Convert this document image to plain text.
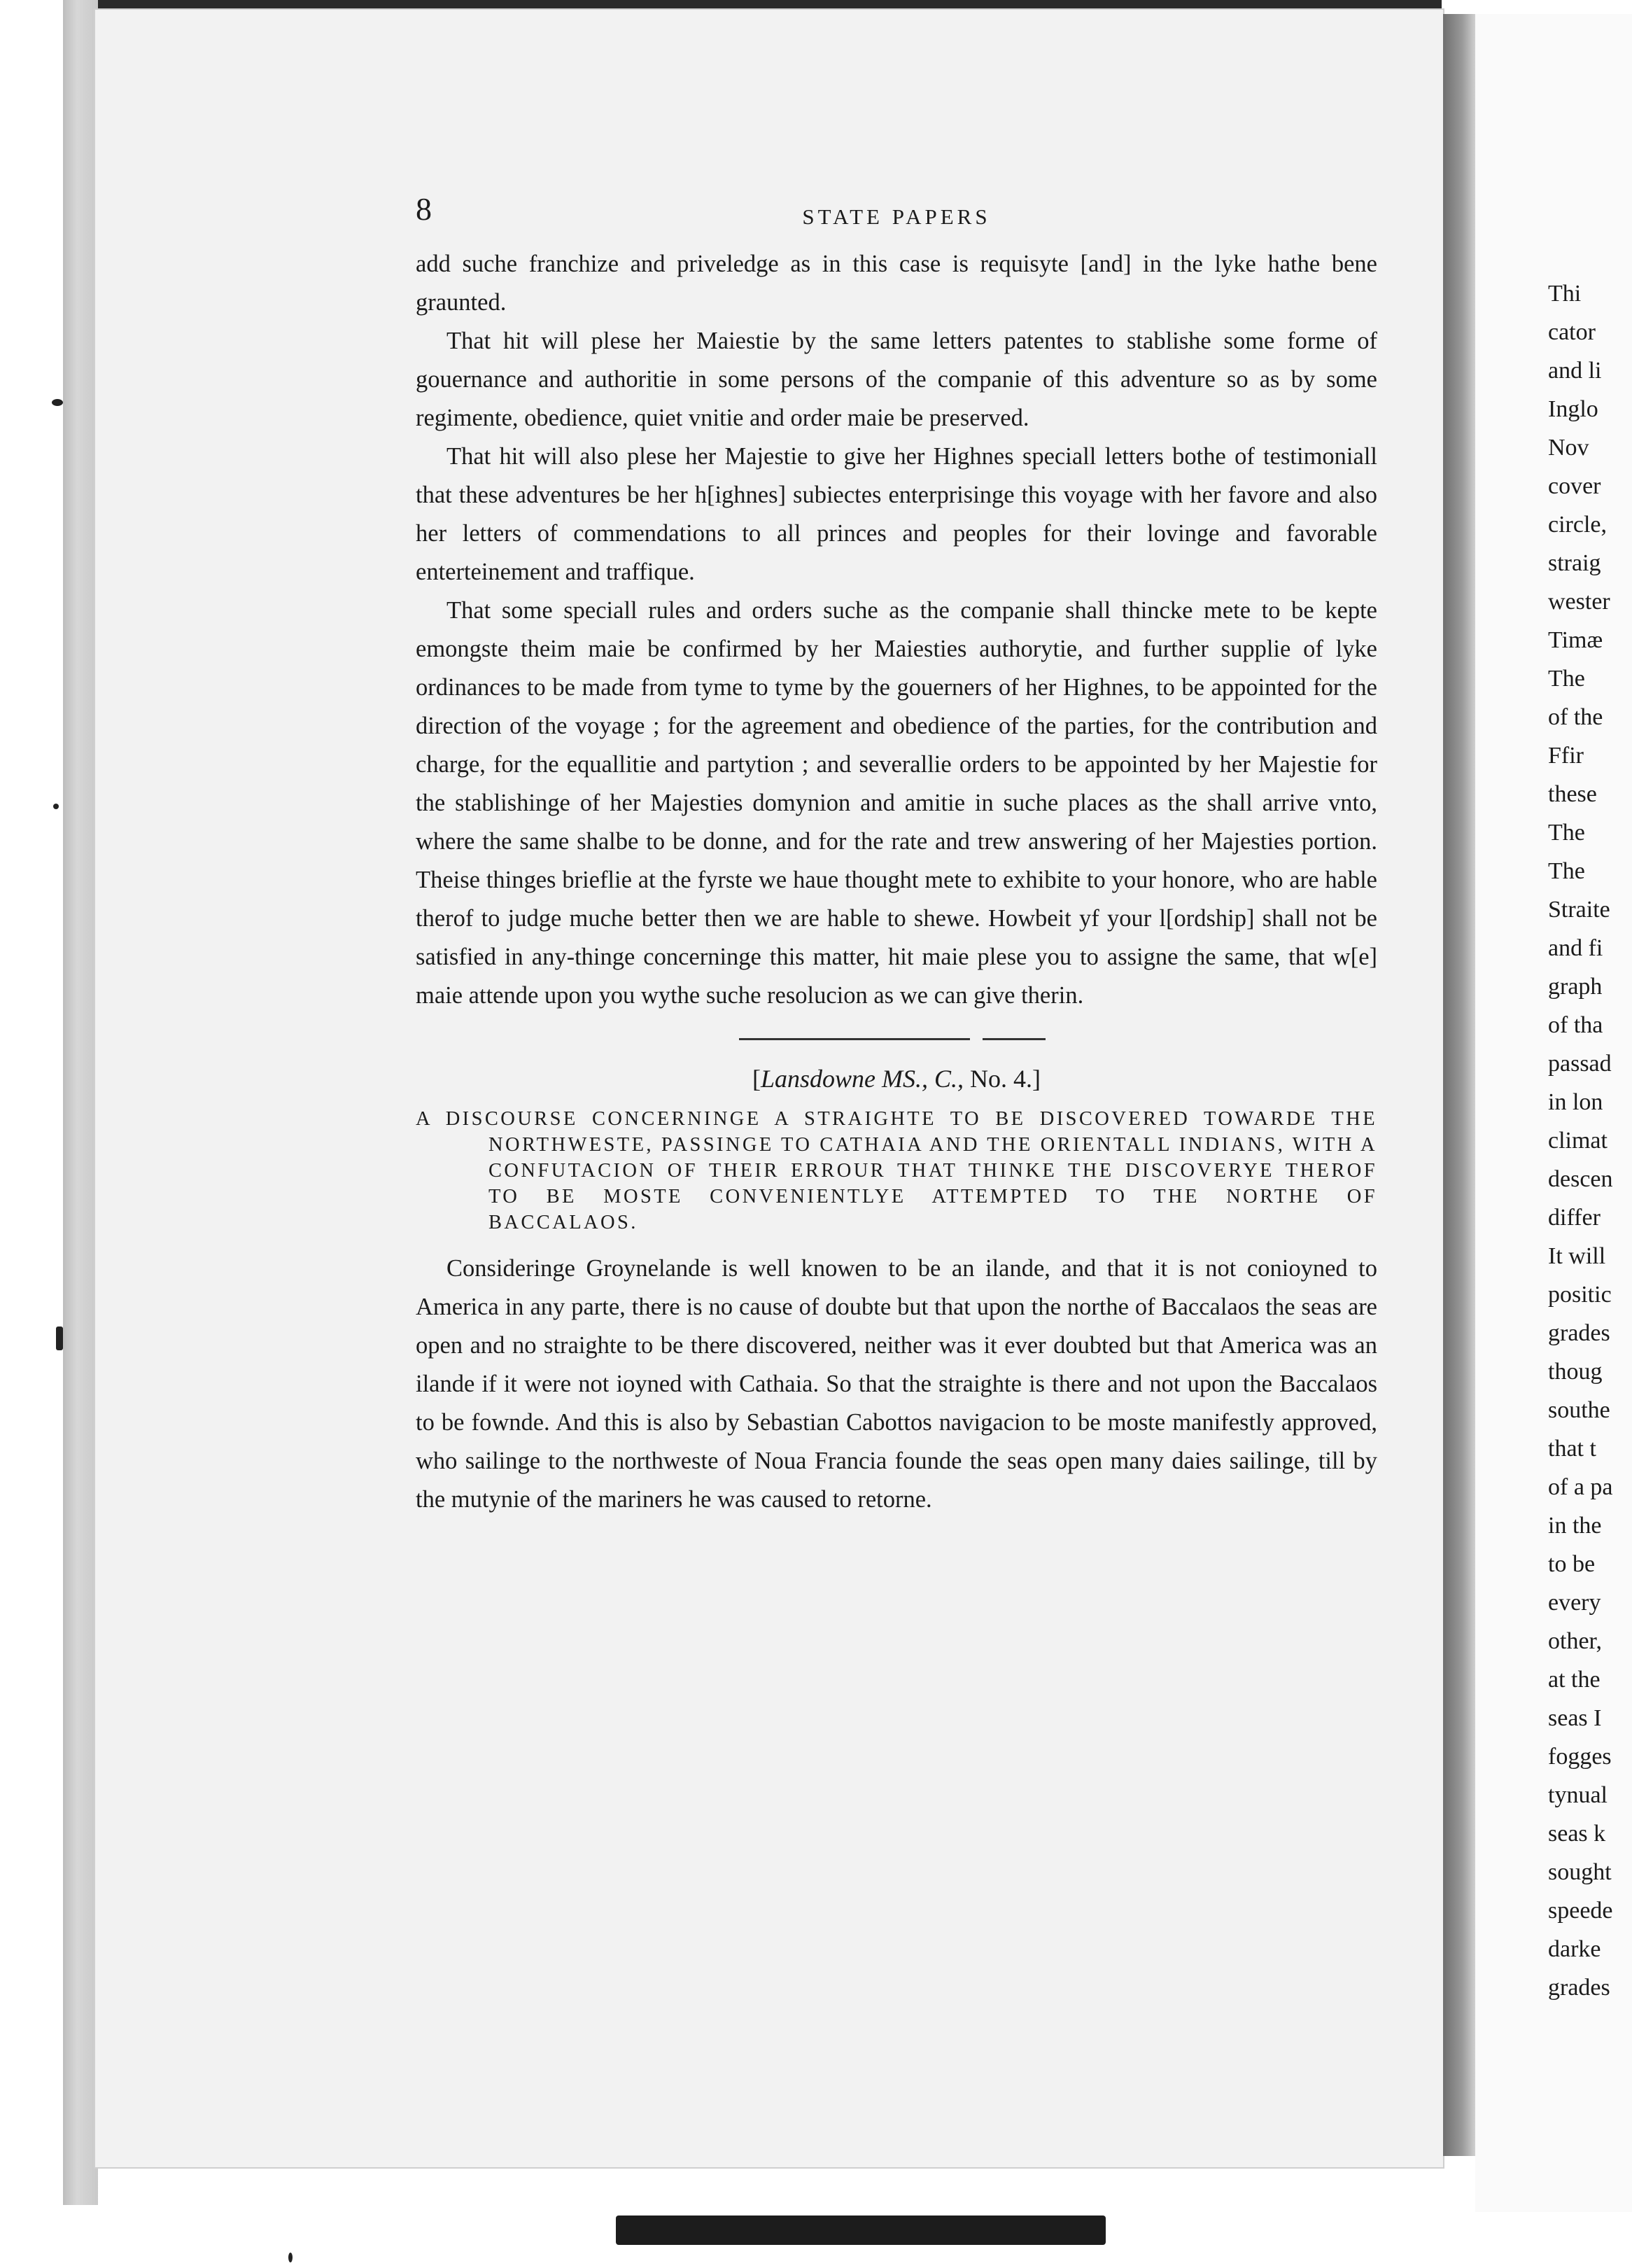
8	STATE PAPERS

add suche franchize and priveledge as in this case is requisyte [and] in the lyke hathe bene graunted.

That hit will plese her Maiestie by the same letters patentes to stablishe some forme of gouernance and authoritie in some persons of the companie of this adventure so as by some regimente, obedience, quiet vnitie and order maie be preserved.

That hit will also plese her Majestie to give her Highnes speciall letters bothe of testimoniall that these adventures be her h[ighnes] subiectes enterprisinge this voyage with her favore and also her letters of commendations to all princes and peoples for their lovinge and favorable enterteinement and traffique.

That some speciall rules and orders suche as the companie shall thincke mete to be kepte emongste theim maie be confirmed by her Maiesties authorytie, and further supplie of lyke ordinances to be made from tyme to tyme by the gouerners of her Highnes, to be appointed for the direction of the voyage ; for the agreement and obedience of the parties, for the contribution and charge, for the equallitie and partytion ; and severallie orders to be appointed by her Majestie for the stablishinge of her Majesties domynion and amitie in suche places as the shall arrive vnto, where the same shalbe to be donne, and for the rate and trew answering of her Majesties portion. Theise thinges brieflie at the fyrste we haue thought mete to exhibite to your honore, who are hable therof to judge muche better then we are hable to shewe. Howbeit yf your l[ordship] shall not be satisfied in any-thinge concerninge this matter, hit maie plese you to assigne the same, that w[e] maie attende upon you wythe suche resolucion as we can give therin.

[Lansdowne MS., C., No. 4.]

A DISCOURSE CONCERNINGE A STRAIGHTE TO BE DISCOVERED TOWARDE THE NORTHWESTE, PASSINGE TO CATHAIA AND THE ORIENTALL INDIANS, WITH A CONFUTACION OF THEIR ERROUR THAT THINKE THE DISCOVERYE THEROF TO BE MOSTE CONVENIENTLYE ATTEMPTED TO THE NORTHE OF BACCALAOS.

Consideringe Groynelande is well knowen to be an ilande, and that it is not conioyned to America in any parte, there is no cause of doubte but that upon the northe of Baccalaos the seas are open and no straighte to be there discovered, neither was it ever doubted but that America was an ilande if it were not ioyned with Cathaia. So that the straighte is there and not upon the Baccalaos to be fownde. And this is also by Sebastian Cabottos navigacion to be moste manifestly approved, who sailinge to the northweste of Noua Francia founde the seas open many daies sailinge, till by the mutynie of the mariners he was caused to retorne.

Thi
cator
and li
Inglo
Nov
cover
circle,
straig
wester
Timæ
The
of the
Ffir
these
The
The
Straite
and fi
graph
of tha
passad
in lon
climat
descen
differ
It will
positic
grades
thoug
southe
that t
of a pa
in the
to be
every
other,
at the
seas I
fogges
tynual
seas k
sought
speede
darke
grades
